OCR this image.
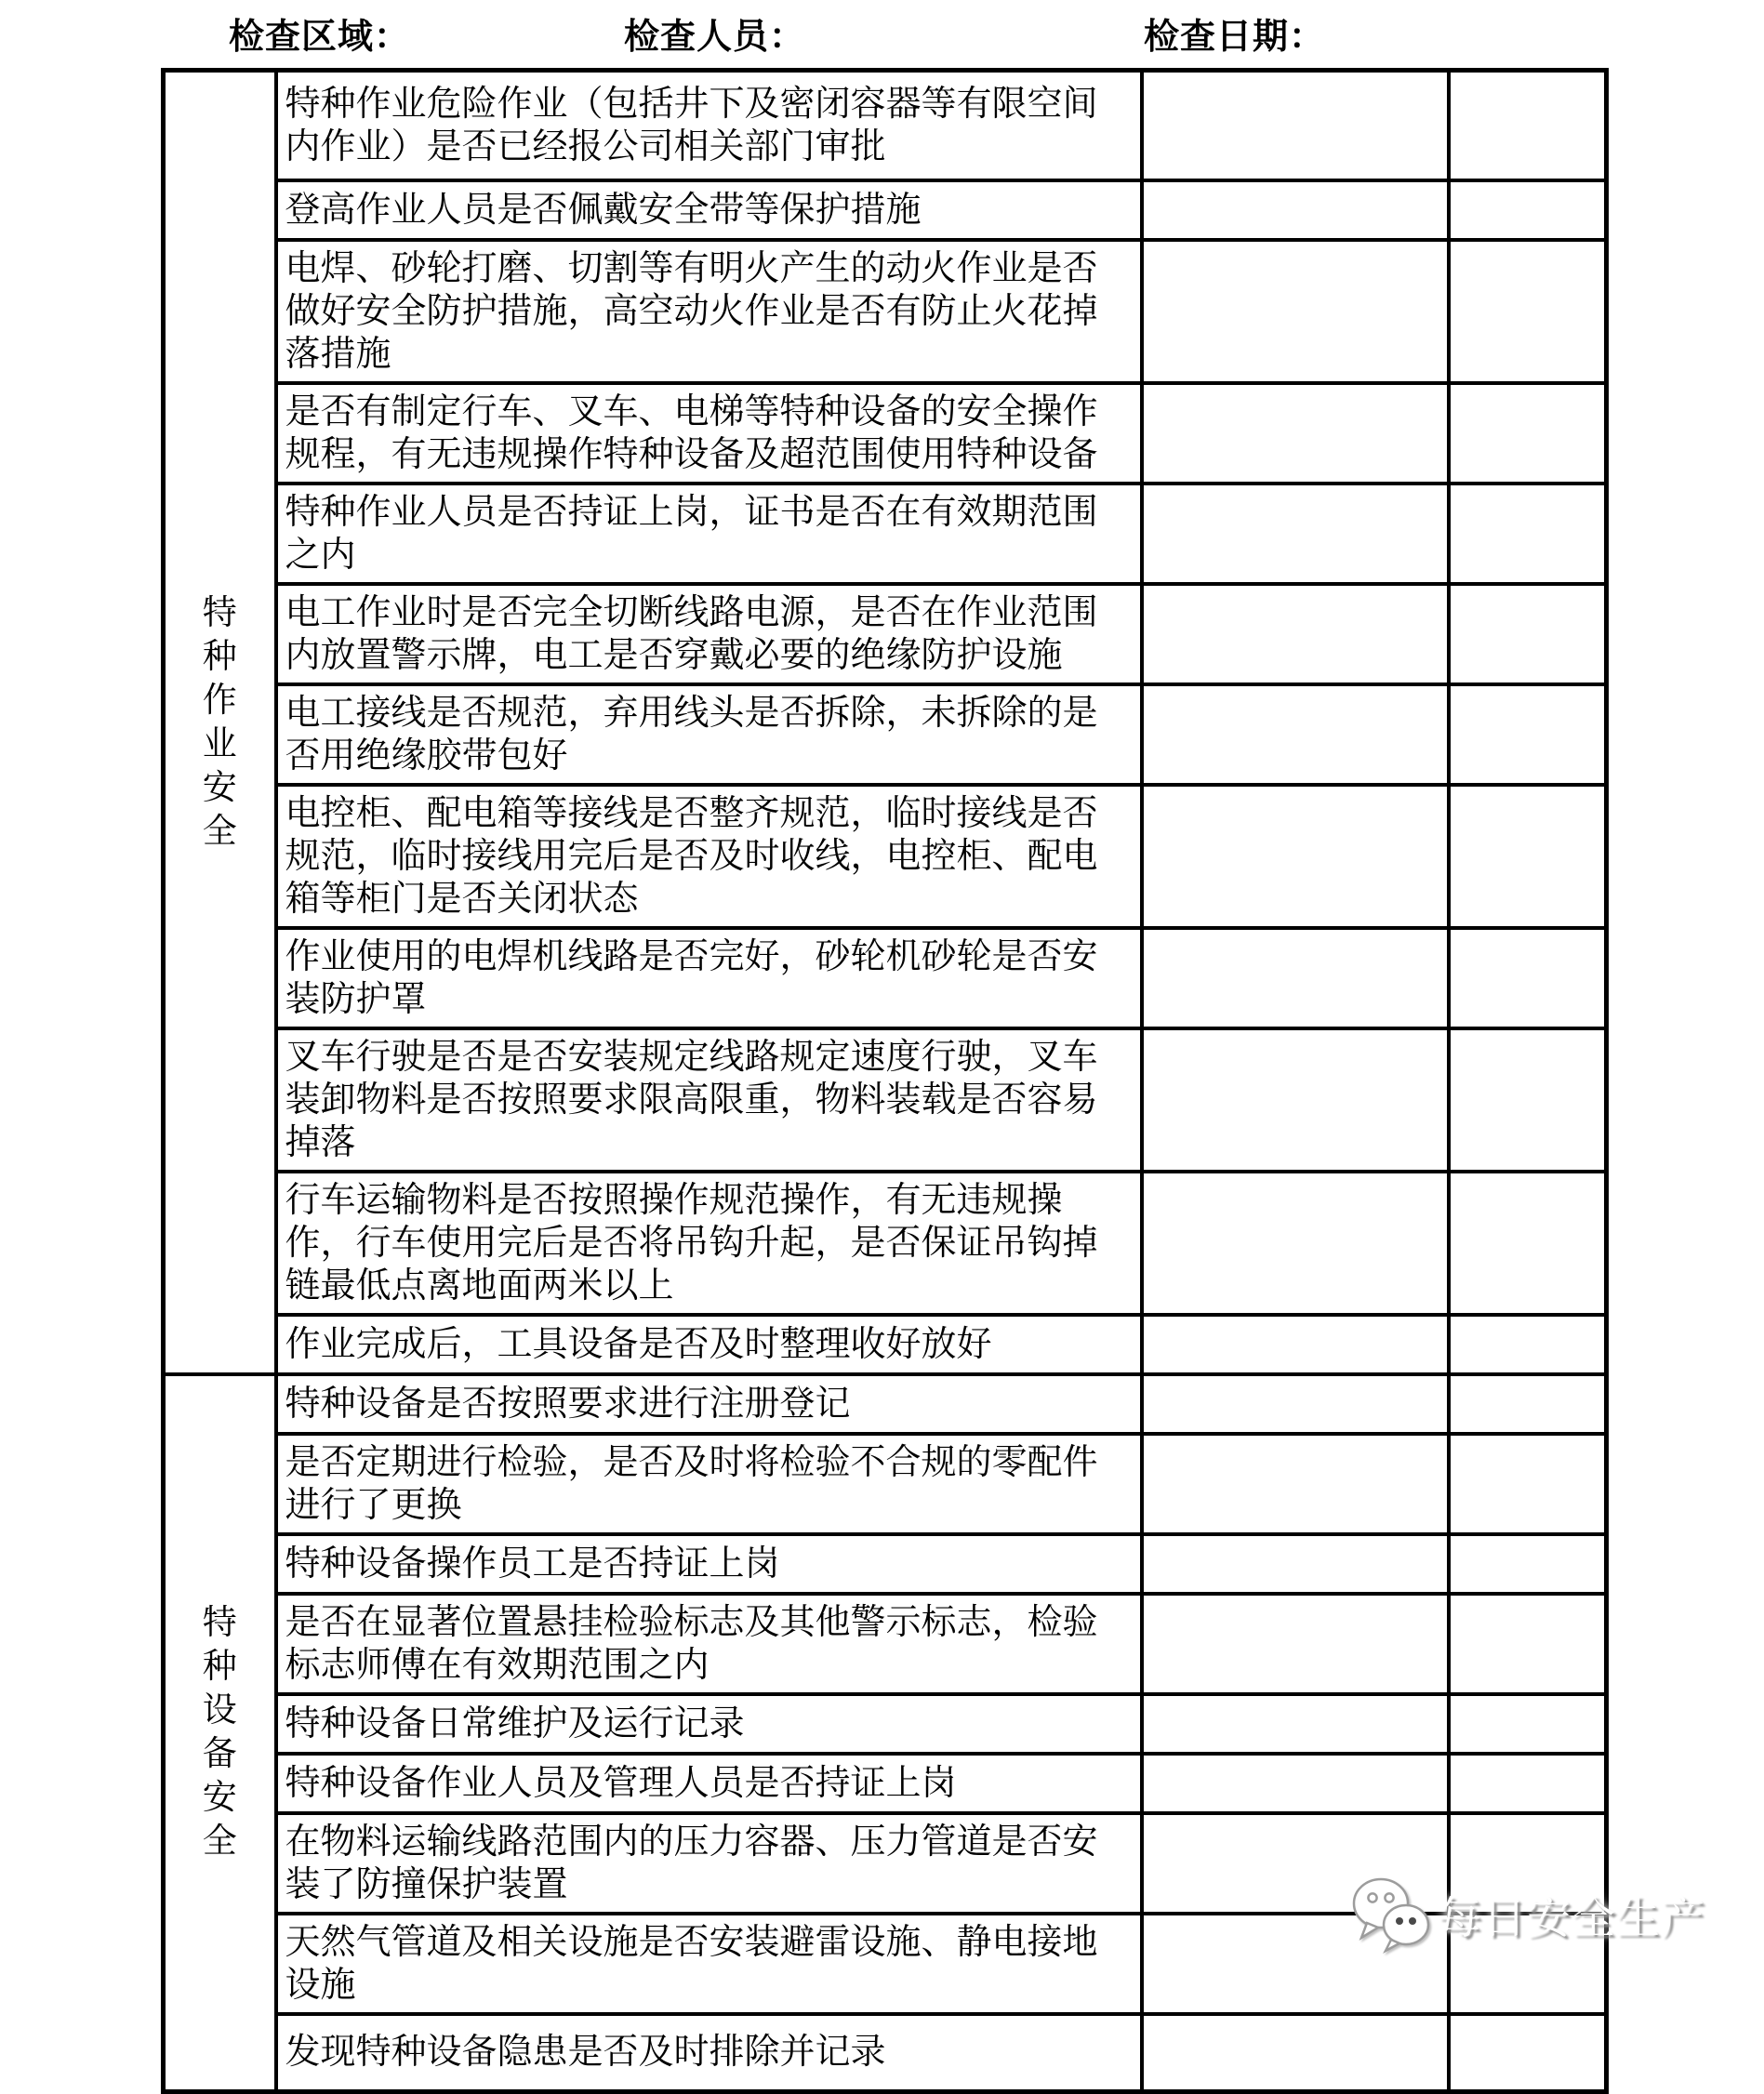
检查区域：	检查人员：	检查日期：
特种作业安全	特种作业危险作业（包括井下及密闭容器等有限空间内作业）是否已经报公司相关部门审批		
	登高作业人员是否佩戴安全带等保护措施		
	电焊、砂轮打磨、切割等有明火产生的动火作业是否做好安全防护措施，高空动火作业是否有防止火花掉落措施		
	是否有制定行车、叉车、电梯等特种设备的安全操作规程，有无违规操作特种设备及超范围使用特种设备		
	特种作业人员是否持证上岗，证书是否在有效期范围之内		
	电工作业时是否完全切断线路电源，是否在作业范围内放置警示牌，电工是否穿戴必要的绝缘防护设施		
	电工接线是否规范，弃用线头是否拆除，未拆除的是否用绝缘胶带包好		
	电控柜、配电箱等接线是否整齐规范，临时接线是否规范，临时接线用完后是否及时收线，电控柜、配电箱等柜门是否关闭状态		
	作业使用的电焊机线路是否完好，砂轮机砂轮是否安装防护罩		
	叉车行驶是否是否安装规定线路规定速度行驶，叉车装卸物料是否按照要求限高限重，物料装载是否容易掉落		
	行车运输物料是否按照操作规范操作，有无违规操作，行车使用完后是否将吊钩升起，是否保证吊钩掉链最低点离地面两米以上		
	作业完成后，工具设备是否及时整理收好放好		
特种设备安全	特种设备是否按照要求进行注册登记		
	是否定期进行检验，是否及时将检验不合规的零配件进行了更换		
	特种设备操作员工是否持证上岗		
	是否在显著位置悬挂检验标志及其他警示标志，检验标志师傅在有效期范围之内		
	特种设备日常维护及运行记录		
	特种设备作业人员及管理人员是否持证上岗		
	在物料运输线路范围内的压力容器、压力管道是否安装了防撞保护装置		
	天然气管道及相关设施是否安装避雷设施、静电接地设施		
	发现特种设备隐患是否及时排除并记录		
每日安全生产
